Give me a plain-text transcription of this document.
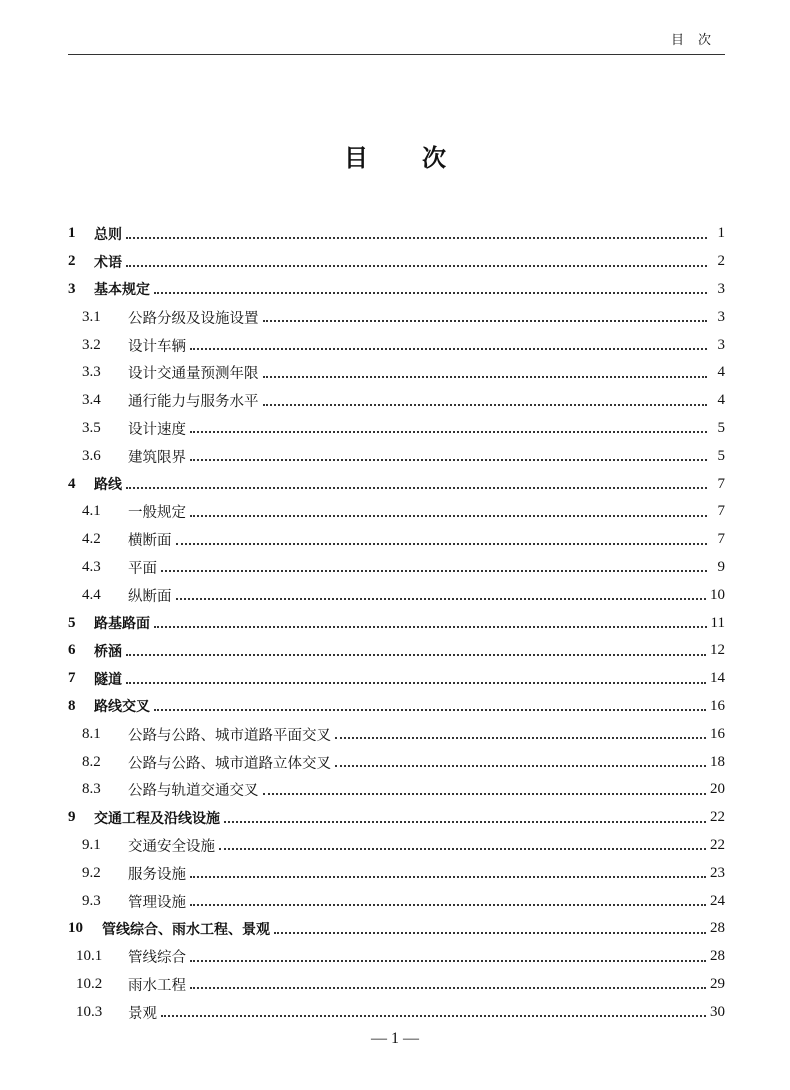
目次
目次
1	总则	1
2	术语	2
3	基本规定	3
3.1	公路分级及设施设置	3
3.2	设计车辆	3
3.3	设计交通量预测年限	4
3.4	通行能力与服务水平	4
3.5	设计速度	5
3.6	建筑限界	5
4	路线	7
4.1	一般规定	7
4.2	横断面	7
4.3	平面	9
4.4	纵断面	10
5	路基路面	11
6	桥涵	12
7	隧道	14
8	路线交叉	16
8.1	公路与公路、城市道路平面交叉	16
8.2	公路与公路、城市道路立体交叉	18
8.3	公路与轨道交通交叉	20
9	交通工程及沿线设施	22
9.1	交通安全设施	22
9.2	服务设施	23
9.3	管理设施	24
10	管线综合、雨水工程、景观	28
10.1	管线综合	28
10.2	雨水工程	29
10.3	景观	30
— 1 —
